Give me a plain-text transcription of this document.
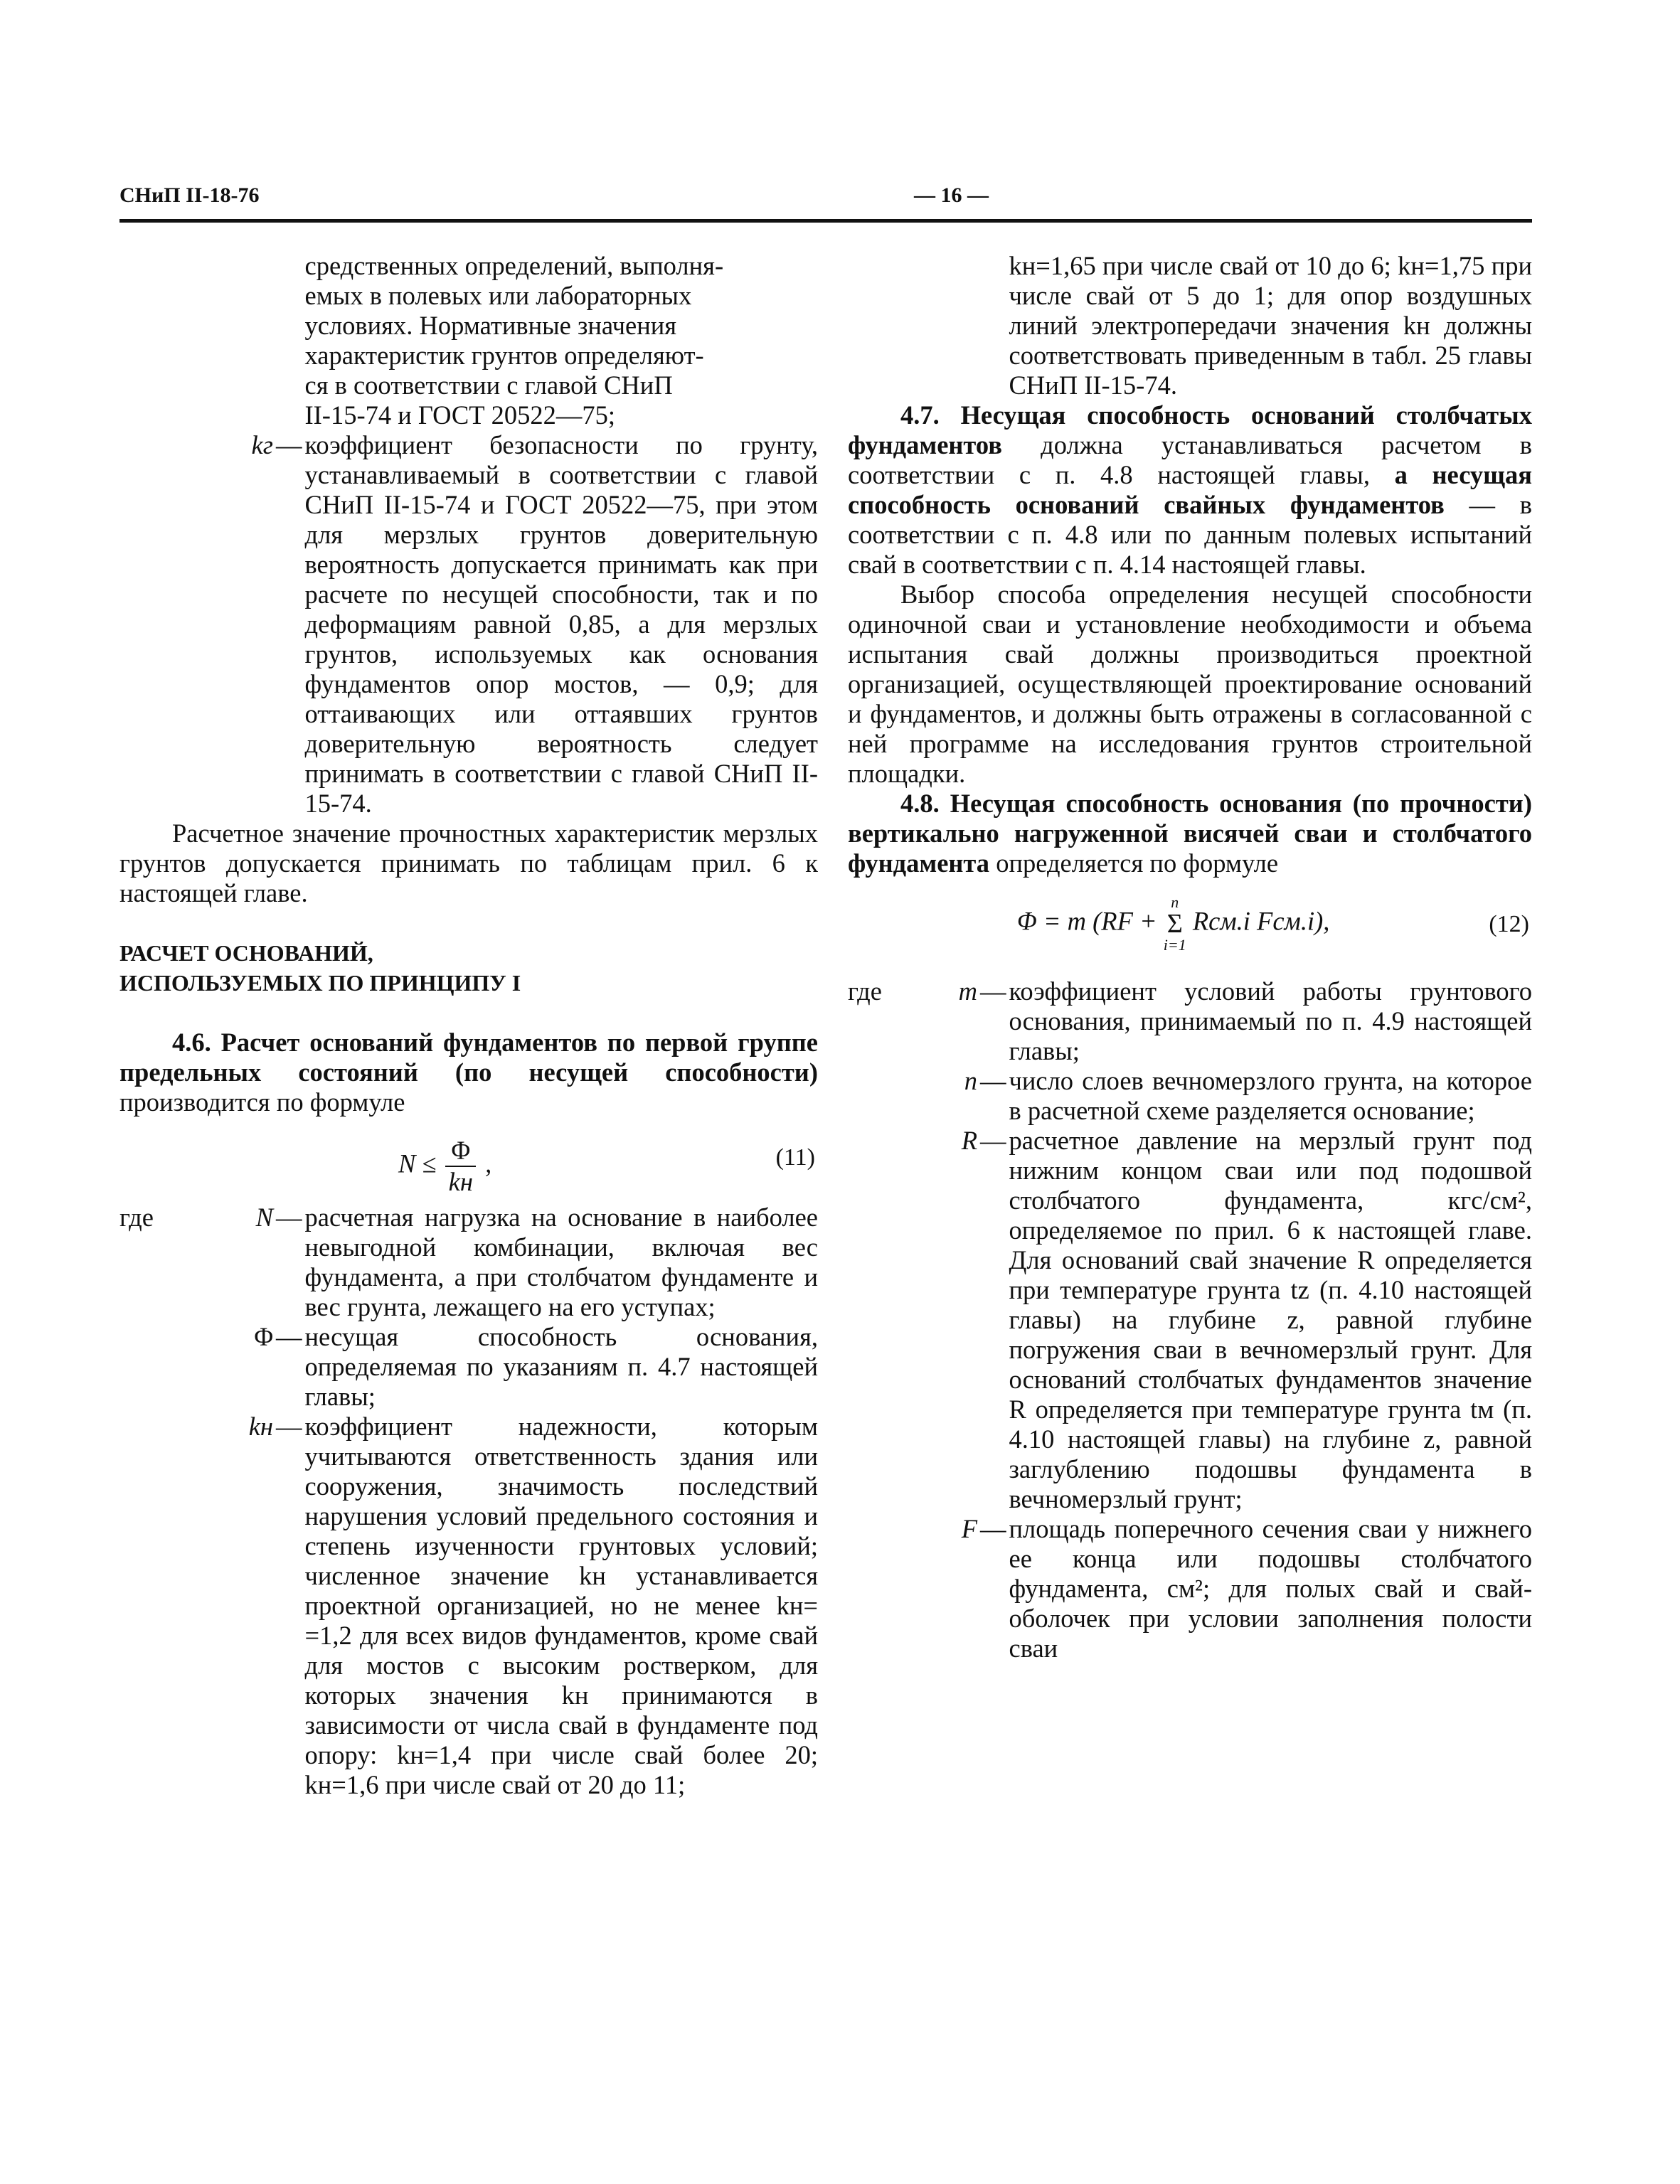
СНиП II-18-76	— 16 —

средственных определений, выполня-

емых в полевых или лабораторных

условиях. Нормативные значения

характеристик грунтов определяют-

ся в соответствии с главой СНиП

II-15-74 и ГОСТ 20522—75;

kг — коэффициент безопасности по грунту, устанавливаемый в соответствии с главой СНиП II-15-74 и ГОСТ 20522—75, при этом для мерзлых грунтов доверительную вероятность допускается принимать как при расчете по несущей способности, так и по деформациям равной 0,85, а для мерзлых грунтов, используемых как основания фундаментов опор мостов, — 0,9; для оттаивающих или оттаявших грунтов доверительную вероятность следует принимать в соответствии с главой СНиП II-15-74.

Расчетное значение прочностных характеристик мерзлых грунтов допускается принимать по таблицам прил. 6 к настоящей главе.

РАСЧЕТ ОСНОВАНИЙ,

ИСПОЛЬЗУЕМЫХ ПО ПРИНЦИПУ I

4.6. Расчет оснований фундаментов по первой группе предельных состояний (по несущей способности) производится по формуле

$N \le \frac{\Phi}{kн}$ ,	(11)
где	N — расчетная нагрузка на основание в наиболее невыгодной комбинации, включая вес фундамента, а при столбчатом фундаменте и вес грунта, лежащего на его уступах;

Φ — несущая способность основания, определяемая по указаниям п. 4.7 настоящей главы;

kн — коэффициент надежности, которым учитываются ответственность здания или сооружения, значимость последствий нарушения условий предельного состояния и степень изученности грунтовых условий; численное значение kн устанавливается проектной организацией, но не менее kн= =1,2 для всех видов фундаментов, кроме свай для мостов с высоким ростверком, для которых значения kн принимаются в зависимости от числа свай в фундаменте под опору: kн=1,4 при числе свай более 20; kн=1,6 при числе свай от 20 до 11;

kн=1,65 при числе свай от 10 до 6; kн=1,75 при числе свай от 5 до 1; для опор воздушных линий электропередачи значения kн должны соответствовать приведенным в табл. 25 главы СНиП II-15-74.

4.7. Несущая способность оснований столбчатых фундаментов должна устанавливаться расчетом в соответствии с п. 4.8 настоящей главы, а несущая способность оснований свайных фундаментов — в соответствии с п. 4.8 или по данным полевых испытаний свай в соответствии с п. 4.14 настоящей главы.

Выбор способа определения несущей способности одиночной сваи и установление необходимости и объема испытания свай должны производиться проектной организацией, осуществляющей проектирование оснований и фундаментов, и должны быть отражены в согласованной с ней программе на исследования грунтов строительной площадки.

4.8. Несущая способность основания (по прочности) вертикально нагруженной висячей сваи и столбчатого фундамента определяется по формуле

Φ = m (RF +
n
Σ
i=1
Rсм.i Fсм.i),	(12)
где	m — коэффициент условий работы грунтового основания, принимаемый по п. 4.9 настоящей главы;

n — число слоев вечномерзлого грунта, на которое в расчетной схеме разделяется основание;

R — расчетное давление на мерзлый грунт под нижним концом сваи или под подошвой столбчатого фундамента, кгс/см², определяемое по прил. 6 к настоящей главе. Для оснований свай значение R определяется при температуре грунта tz (п. 4.10 настоящей главы) на глубине z, равной глубине погружения сваи в вечномерзлый грунт. Для оснований столбчатых фундаментов значение R определяется при температуре грунта tм (п. 4.10 настоящей главы) на глубине z, равной заглублению подошвы фундамента в вечномерзлый грунт;

F — площадь поперечного сечения сваи у нижнего ее конца или подошвы столбчатого фундамента, см²; для полых свай и свай-оболочек при условии заполнения полости сваи
